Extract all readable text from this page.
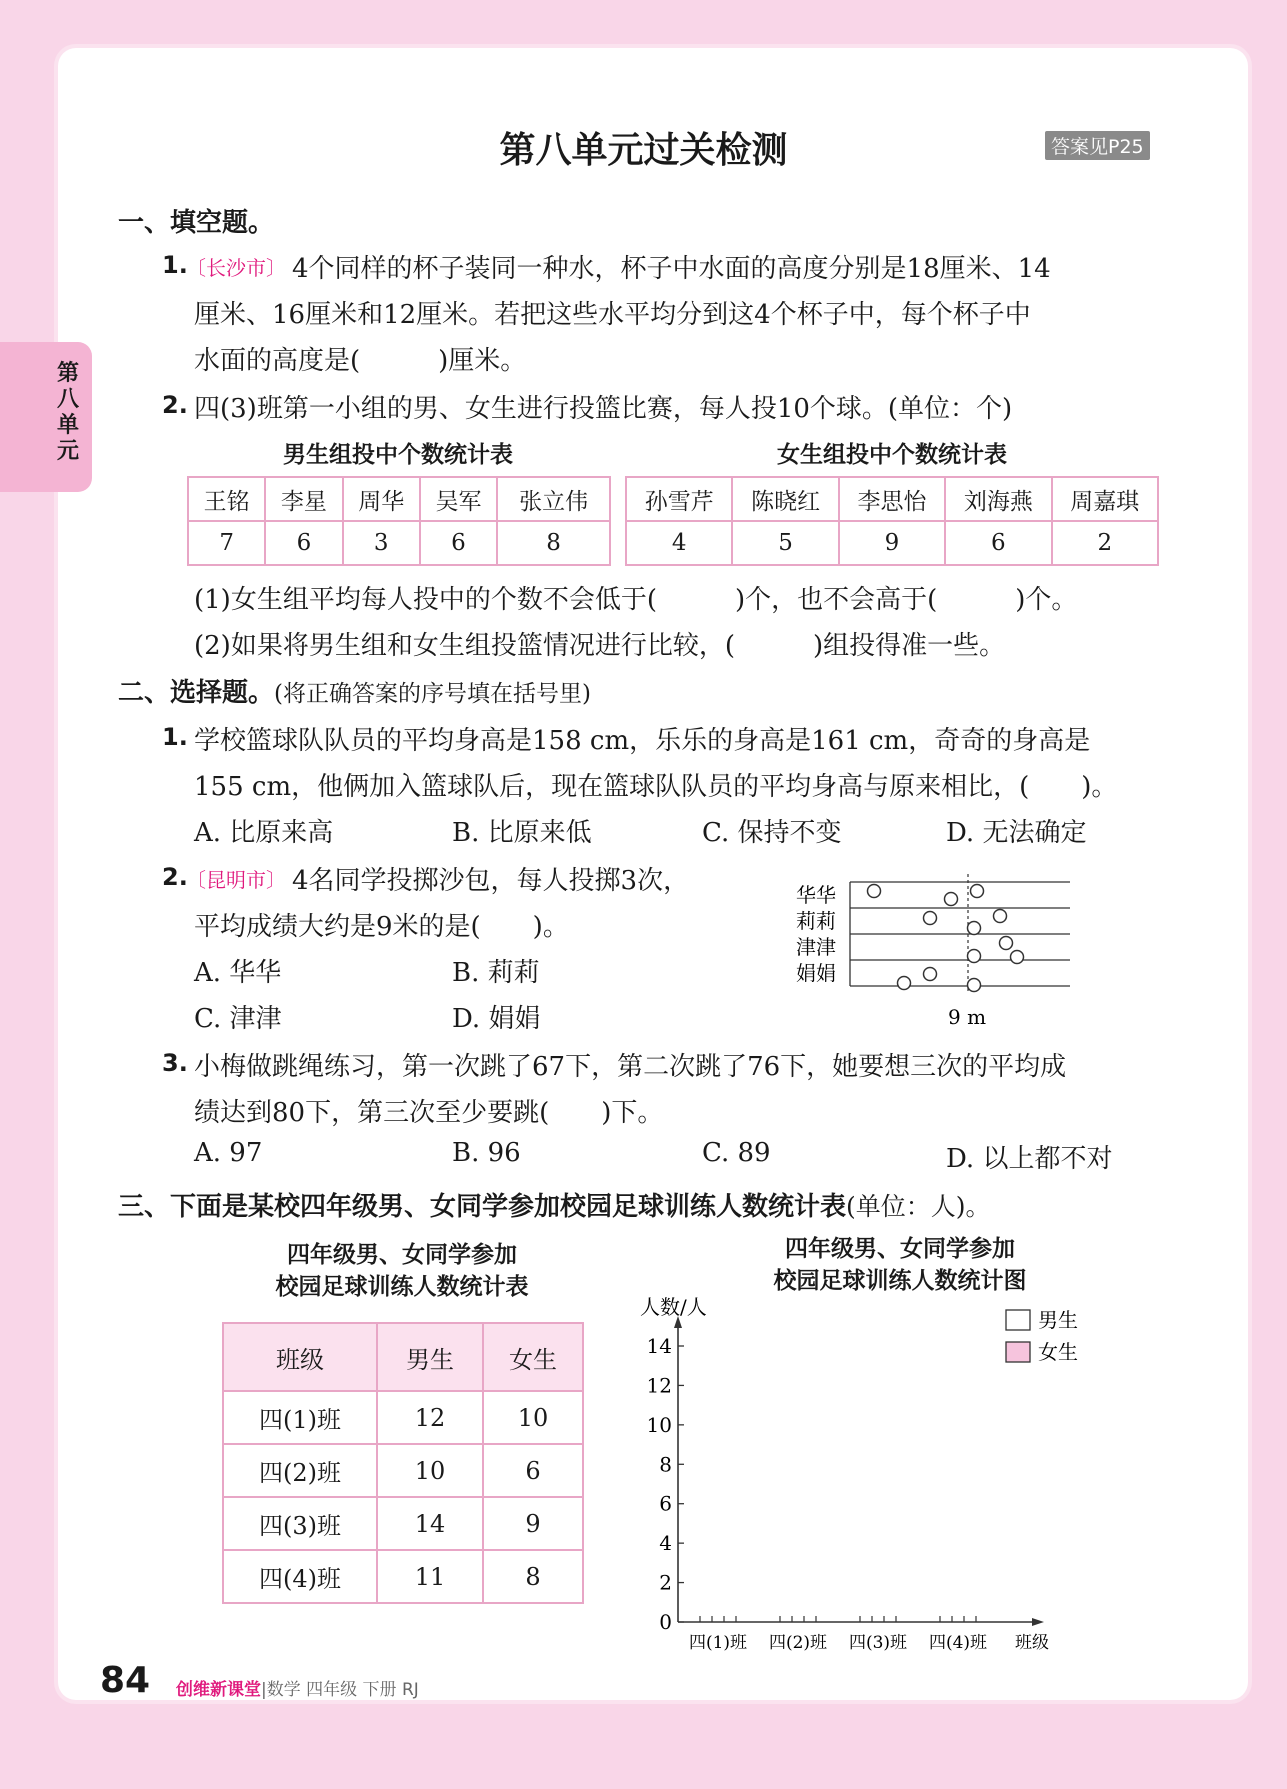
第八单元
第八单元过关检测	答案见P25
一、填空题。
1.
〔长沙市〕 4个同样的杯子装同一种水，杯子中水面的高度分别是18厘米、14
厘米、16厘米和12厘米。若把这些水平均分到这4个杯子中，每个杯子中
水面的高度是(　　　)厘米。
2. 四(3)班第一小组的男、女生进行投篮比赛，每人投10个球。(单位：个)
男生组投中个数统计表	女生组投中个数统计表
王铭	李星	周华	吴军	张立伟
7	6	3	6	8
孙雪芹	陈晓红	李思怡	刘海燕	周嘉琪
4	5	9	6	2
(1)女生组平均每人投中的个数不会低于(　　　)个，也不会高于(　　　)个。
(2)如果将男生组和女生组投篮情况进行比较，(　　　)组投得准一些。
二、选择题。(将正确答案的序号填在括号里)
1. 学校篮球队队员的平均身高是158 cm，乐乐的身高是161 cm，奇奇的身高是
155 cm，他俩加入篮球队后，现在篮球队队员的平均身高与原来相比，(　　)。
A. 比原来高	B. 比原来低	C. 保持不变	D. 无法确定
2.
〔昆明市〕 4名同学投掷沙包，每人投掷3次，
平均成绩大约是9米的是(　　)。
A. 华华	B. 莉莉
C. 津津	D. 娟娟
华华
莉莉
津津
娟娟
9 m
3. 小梅做跳绳练习，第一次跳了67下，第二次跳了76下，她要想三次的平均成
绩达到80下，第三次至少要跳(　　)下。
A. 97	B. 96	C. 89	D. 以上都不对
三、下面是某校四年级男、女同学参加校园足球训练人数统计表(单位：人)。
四年级男、女同学参加
校园足球训练人数统计表
班级	男生	女生
四(1)班	12	10
四(2)班	10	6
四(3)班	14	9
四(4)班	11	8
四年级男、女同学参加
校园足球训练人数统计图
0
2
4
6
8
10
12
14
四(1)班 四(2)班 四(3)班 四(4)班
人数/人
班级
男生
女生
84 创维新课堂|数学 四年级 下册 RJ
